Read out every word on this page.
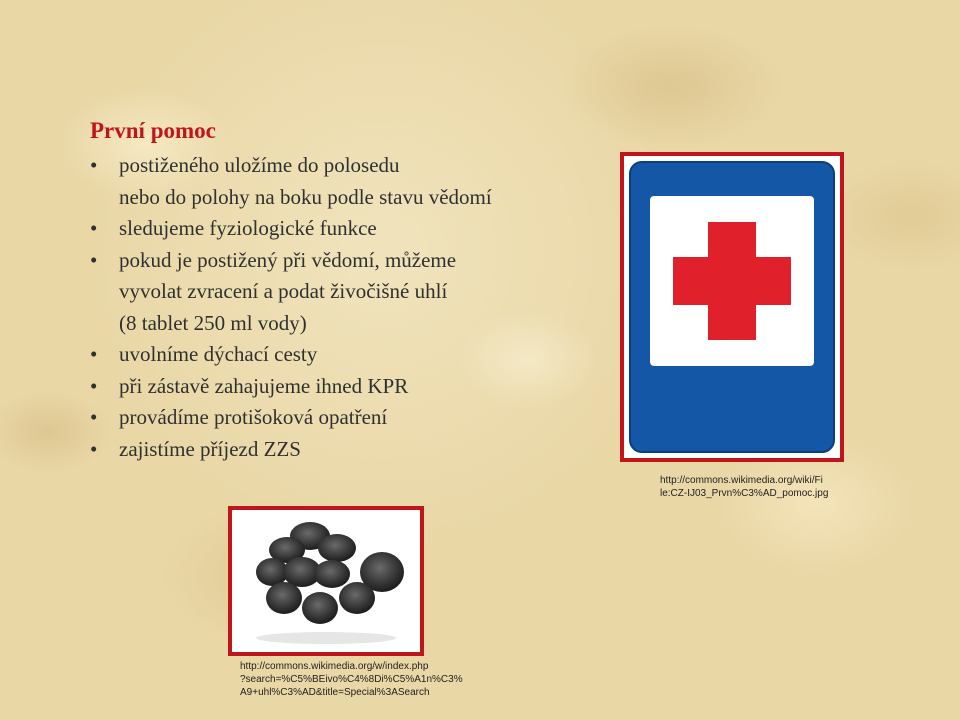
První pomoc
• postiženého uložíme do polosedu
nebo do polohy na boku podle stavu vědomí
• sledujeme fyziologické funkce
• pokud je postižený při vědomí, můžeme
vyvolat zvracení a podat živočišné uhlí
(8 tablet 250 ml vody)
• uvolníme dýchací cesty
• při zástavě zahajujeme ihned KPR
• provádíme protišoková opatření
• zajistíme příjezd ZZS
http://commons.wikimedia.org/wiki/Fi
le:CZ-IJ03_Prvn%C3%AD_pomoc.jpg
http://commons.wikimedia.org/w/index.php
?search=%C5%BEivo%C4%8Di%C5%A1n%C3%
A9+uhl%C3%AD&title=Special%3ASearch
